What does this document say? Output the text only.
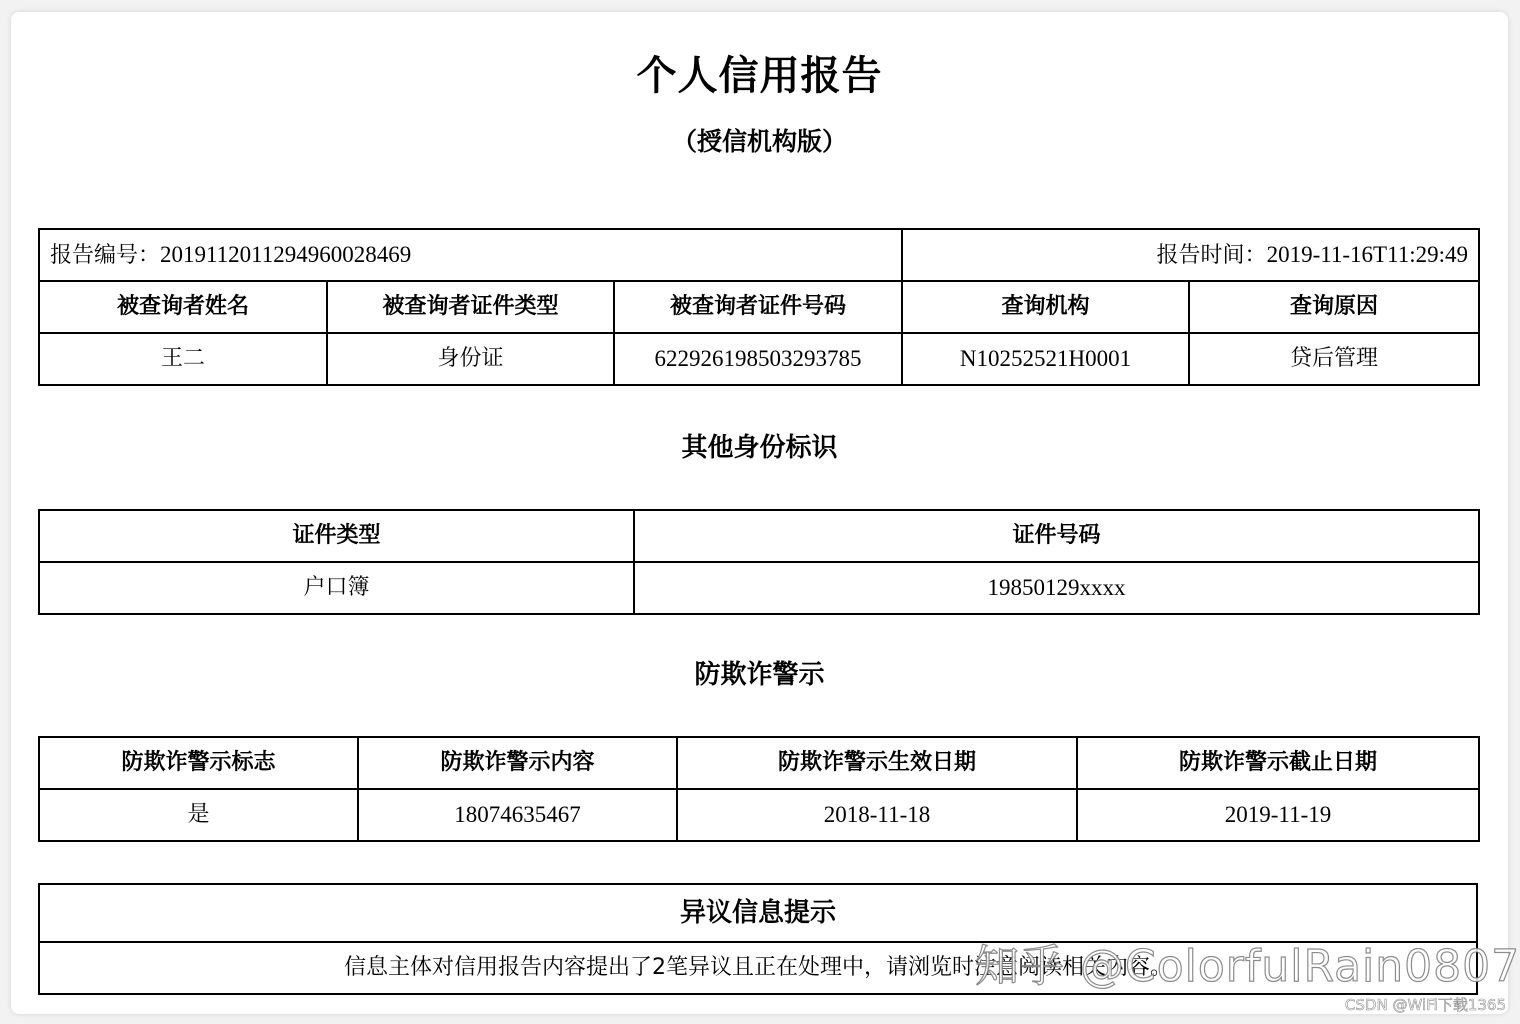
个人信用报告
（授信机构版）
报告编号：2019112011294960028469			报告时间：2019-11-16T11:29:49	
被查询者姓名	被查询者证件类型	被查询者证件号码	查询机构	查询原因
王二	身份证	622926198503293785	N10252521H0001	贷后管理
其他身份标识
证件类型	证件号码
户口簿	19850129xxxx
防欺诈警示
防欺诈警示标志	防欺诈警示内容	防欺诈警示生效日期	防欺诈警示截止日期
是	18074635467	2018-11-18	2019-11-19
异议信息提示
信息主体对信用报告内容提出了2笔异议且正在处理中，请浏览时注意阅读相关内容。
知乎 @ColorfulRain0807
CSDN @WiFi下载1365
